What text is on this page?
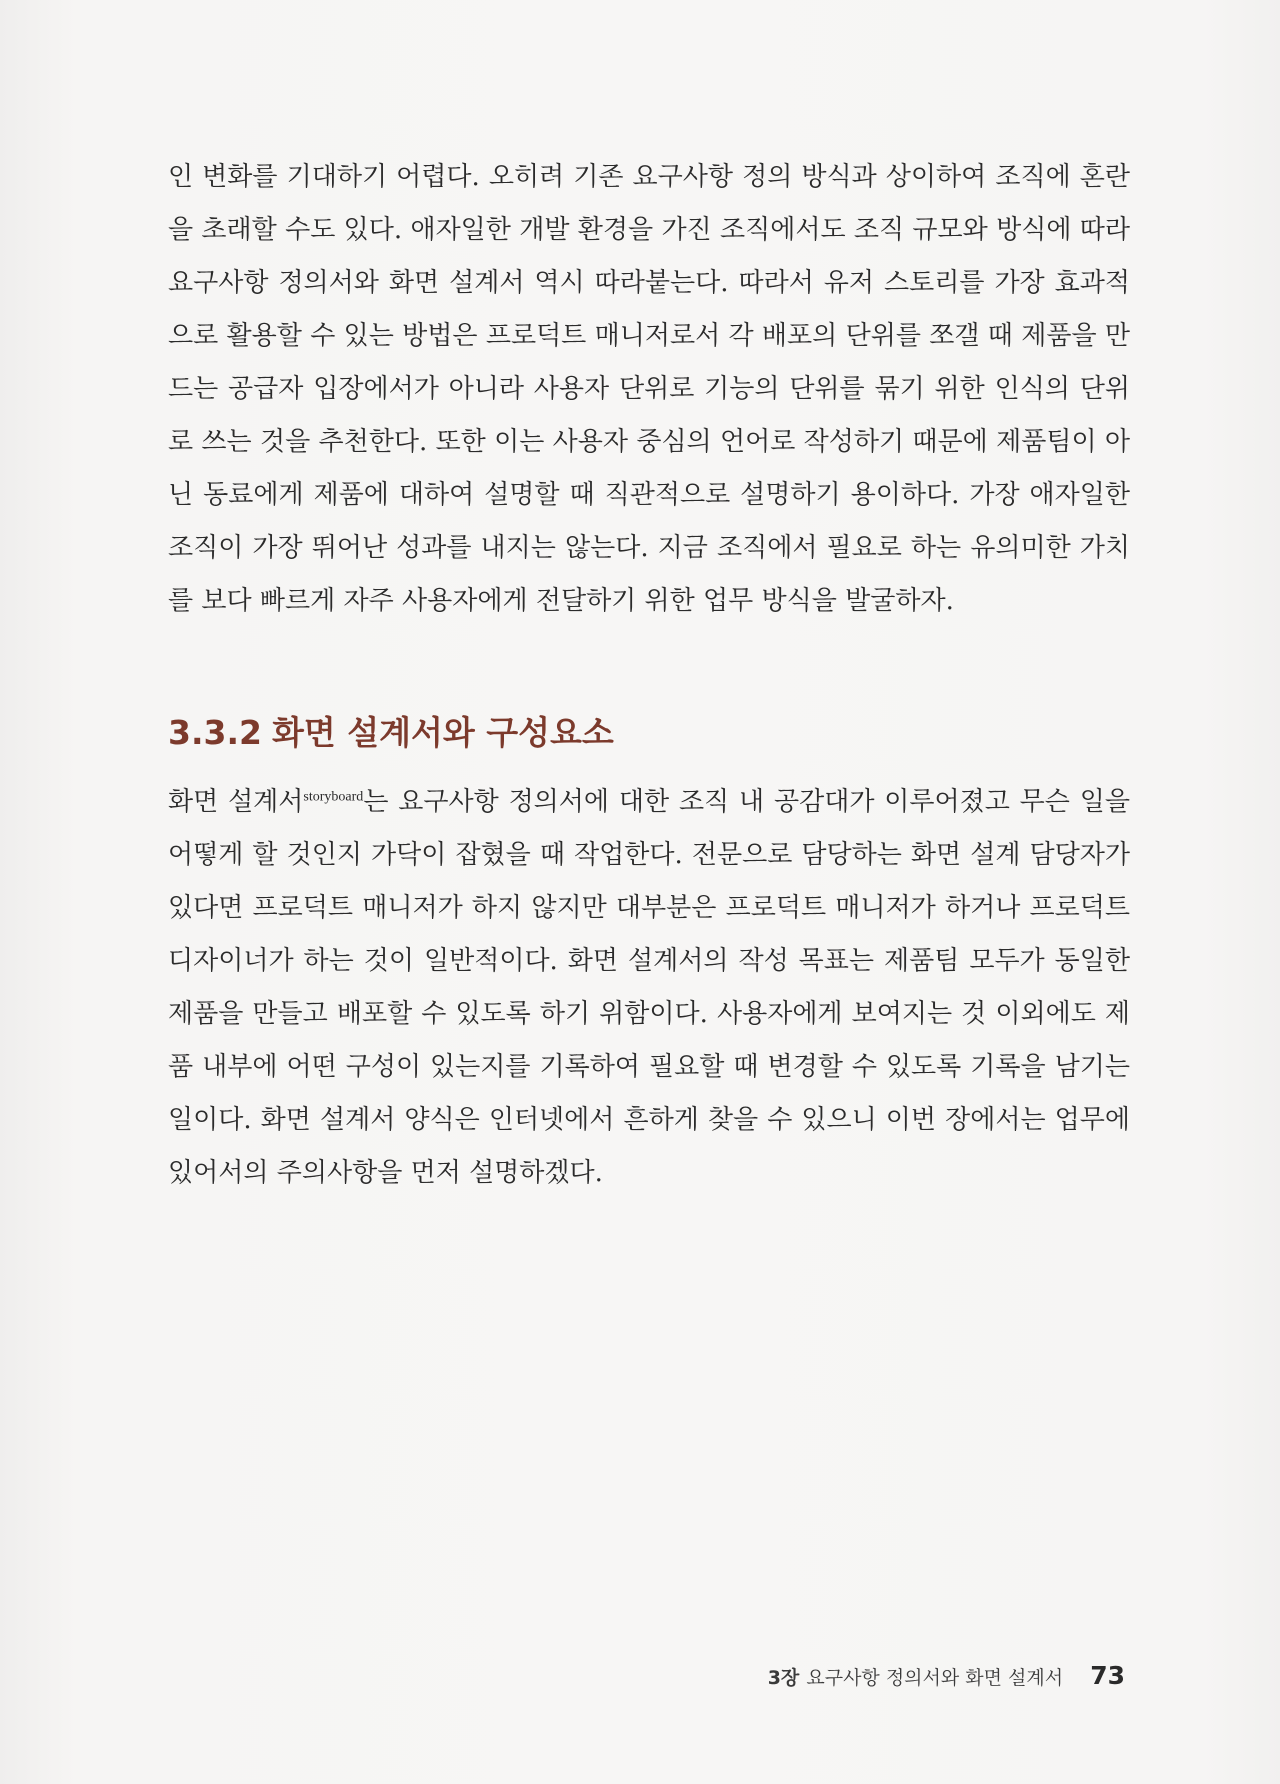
인 변화를 기대하기 어렵다. 오히려 기존 요구사항 정의 방식과 상이하여 조직에 혼란을 초래할 수도 있다. 애자일한 개발 환경을 가진 조직에서도 조직 규모와 방식에 따라 요구사항 정의서와 화면 설계서 역시 따라붙는다. 따라서 유저 스토리를 가장 효과적으로 활용할 수 있는 방법은 프로덕트 매니저로서 각 배포의 단위를 쪼갤 때 제품을 만드는 공급자 입장에서가 아니라 사용자 단위로 기능의 단위를 묶기 위한 인식의 단위로 쓰는 것을 추천한다. 또한 이는 사용자 중심의 언어로 작성하기 때문에 제품팀이 아닌 동료에게 제품에 대하여 설명할 때 직관적으로 설명하기 용이하다. 가장 애자일한 조직이 가장 뛰어난 성과를 내지는 않는다. 지금 조직에서 필요로 하는 유의미한 가치를 보다 빠르게 자주 사용자에게 전달하기 위한 업무 방식을 발굴하자.

3.3.2 화면 설계서와 구성요소

화면 설계서$^{storyboard}$는 요구사항 정의서에 대한 조직 내 공감대가 이루어졌고 무슨 일을 어떻게 할 것인지 가닥이 잡혔을 때 작업한다. 전문으로 담당하는 화면 설계 담당자가 있다면 프로덕트 매니저가 하지 않지만 대부분은 프로덕트 매니저가 하거나 프로덕트 디자이너가 하는 것이 일반적이다. 화면 설계서의 작성 목표는 제품팀 모두가 동일한 제품을 만들고 배포할 수 있도록 하기 위함이다. 사용자에게 보여지는 것 이외에도 제품 내부에 어떤 구성이 있는지를 기록하여 필요할 때 변경할 수 있도록 기록을 남기는 일이다. 화면 설계서 양식은 인터넷에서 흔하게 찾을 수 있으니 이번 장에서는 업무에 있어서의 주의사항을 먼저 설명하겠다.

3장 요구사항 정의서와 화면 설계서 73
